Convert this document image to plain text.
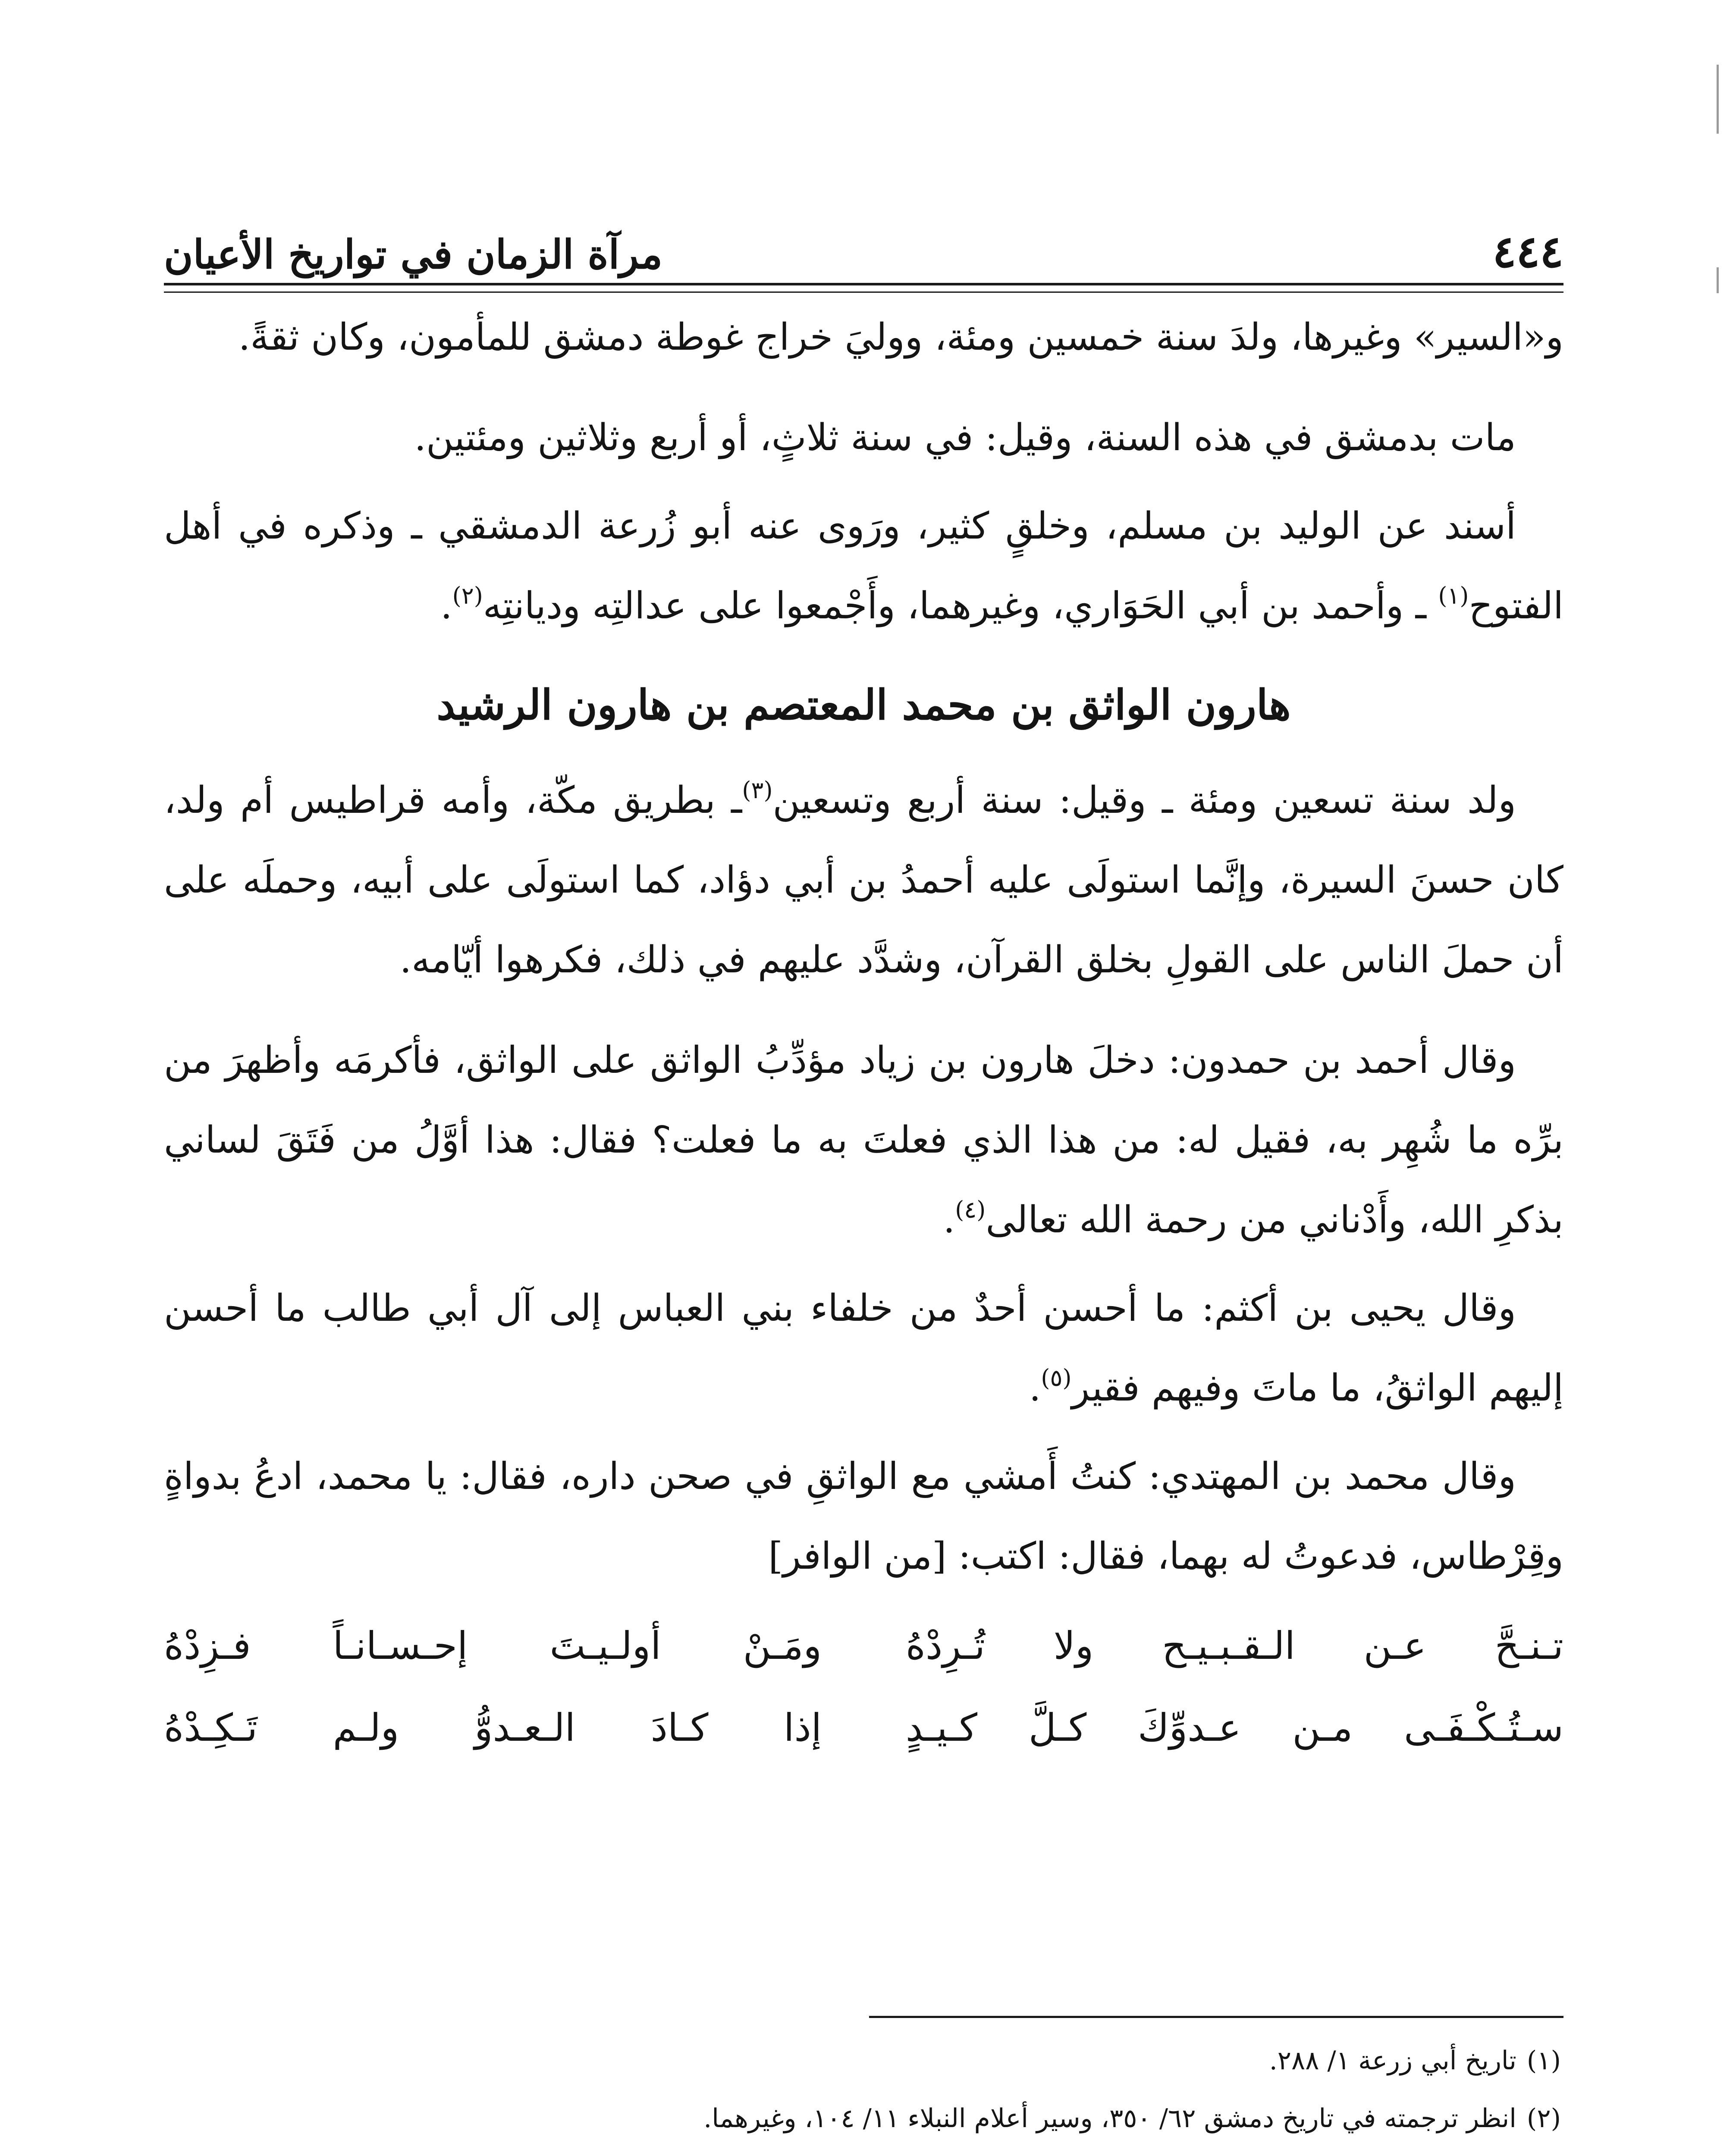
٤٤٤
مرآة الزمان في تواريخ الأعيان

و«السير» وغيرها، ولدَ سنة خمسين ومئة، ووليَ خراج غوطة دمشق للمأمون، وكان ثقةً.

مات بدمشق في هذه السنة، وقيل: في سنة ثلاثٍ، أو أربع وثلاثين ومئتين.

أسند عن الوليد بن مسلم، وخلقٍ كثير، ورَوى عنه أبو زُرعة الدمشقي ـ وذكره في أهل الفتوح$^{(١)}$ ـ وأحمد بن أبي الحَوَاري، وغيرهما، وأَجْمعوا على عدالتِه وديانتِه$^{(٢)}$.

هارون الواثق بن محمد المعتصم بن هارون الرشيد

ولد سنة تسعين ومئة ـ وقيل: سنة أربع وتسعين$^{(٣)}$ـ بطريق مكّة، وأمه قراطيس أم ولد، كان حسنَ السيرة، وإنَّما استولَى عليه أحمدُ بن أبي دؤاد، كما استولَى على أبيه، وحملَه على أن حملَ الناس على القولِ بخلق القرآن، وشدَّد عليهم في ذلك، فكرهوا أيّامه.

وقال أحمد بن حمدون: دخلَ هارون بن زياد مؤدِّبُ الواثق على الواثق، فأكرمَه وأظهرَ من برِّه ما شُهِر به، فقيل له: من هذا الذي فعلتَ به ما فعلت؟ فقال: هذا أوَّلُ من فَتَقَ لساني بذكرِ الله، وأَدْناني من رحمة الله تعالى$^{(٤)}$.

وقال يحيى بن أكثم: ما أحسن أحدٌ من خلفاء بني العباس إلى آل أبي طالب ما أحسن إليهم الواثقُ، ما ماتَ وفيهم فقير$^{(٥)}$.

وقال محمد بن المهتدي: كنتُ أَمشي مع الواثقِ في صحن داره، فقال: يا محمد، ادعُ بدواةٍ وقِرْطاس، فدعوتُ له بهما، فقال: اكتب: [من الوافر]

تـنـحَّ عـن الـقـبـيـح ولا تُـرِدْهُ
ومَـنْ أولـيـتَ إحـسـانـاً فـزِدْهُ
سـتُـكْـفَـى مـن عـدوِّكَ كـلَّ كـيـدٍ
إذا كـادَ الـعـدوُّ ولـم تَـكِـدْهُ

(١)تاريخ أبي زرعة ١/ ٢٨٨.

(٢)انظر ترجمته في تاريخ دمشق ٦٢/ ٣٥٠، وسير أعلام النبلاء ١١/ ١٠٤، وغيرهما.
